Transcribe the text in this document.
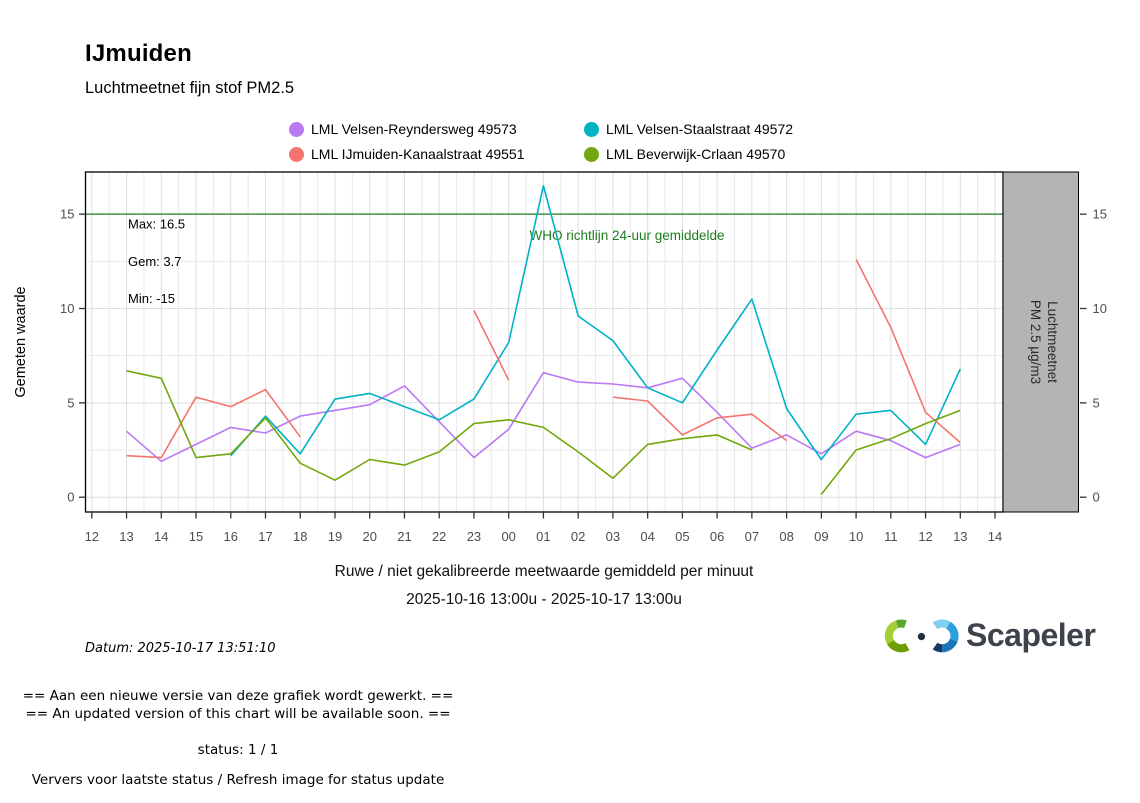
IJmuiden
Luchtmeetnet fijn stof PM2.5
LML Velsen-Reyndersweg 49573	LML Velsen-Staalstraat 49572
LML IJmuiden-Kanaalstraat 49551	LML Beverwijk-Crlaan 49570
WHO richtlijn 24-uur gemiddelde
Luchtmeetnet
PM 2.5 µg/m3
12 13 14 15 16 17 18 19 20 21 22 23 00 01 02 03 04 05 06 07 08 09 10 11 12 13 14
0	0
5	5
10	10
15	15
Gemeten waarde
Max: 16.5
Gem: 3.7
Min: -15
Ruwe / niet gekalibreerde meetwaarde gemiddeld per minuut
2025-10-16 13:00u - 2025-10-17 13:00u
Datum: 2025-10-17 13:51:10
== Aan een nieuwe versie van deze grafiek wordt gewerkt. ==
== An updated version of this chart will be available soon. ==
status: 1 / 1
Ververs voor laatste status / Refresh image for status update
Scapeler
